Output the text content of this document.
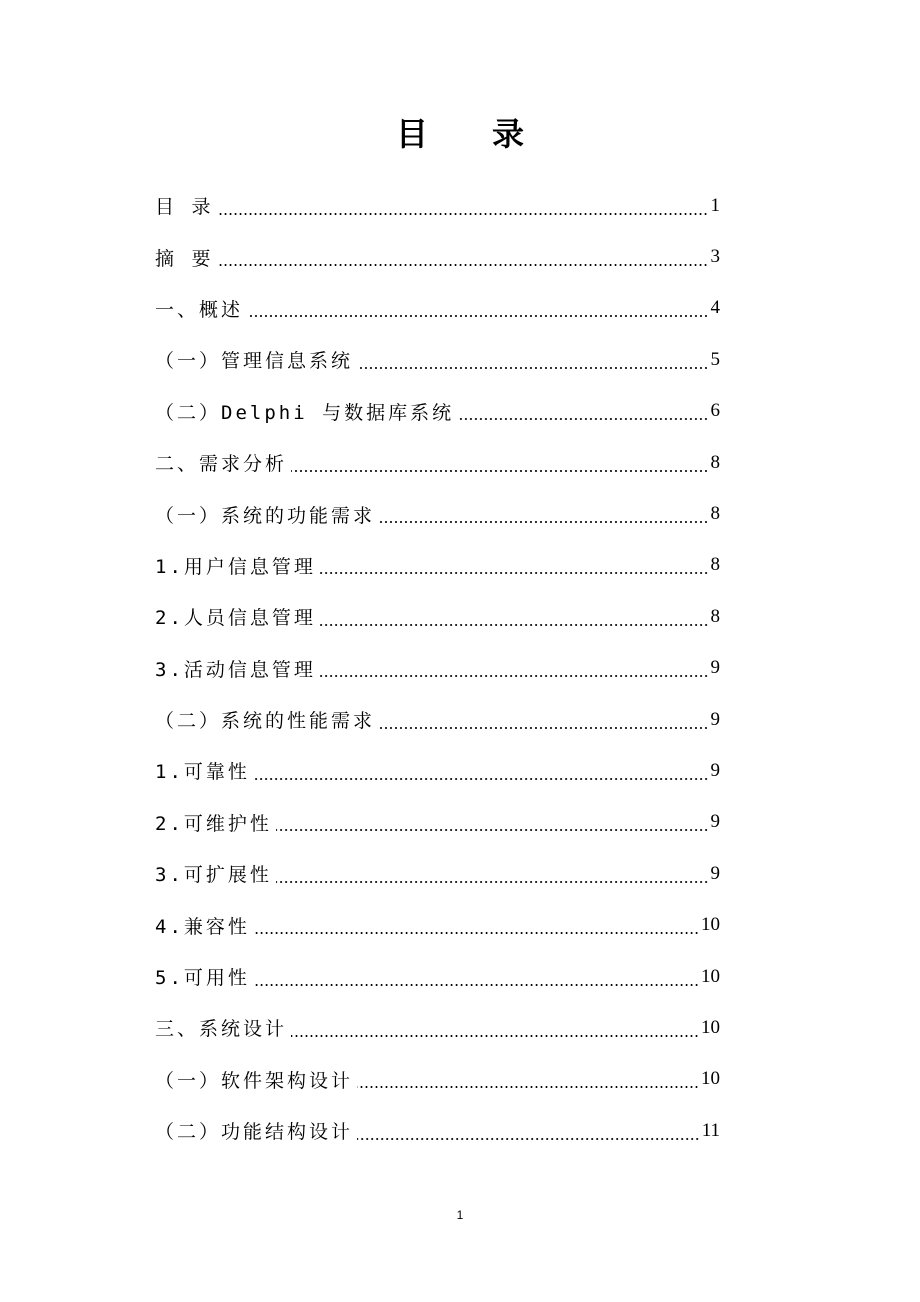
目　　录
目 录	1
摘 要	3
一、概述	4
（一）管理信息系统	5
（二）Delphi 与数据库系统	6
二、需求分析	8
（一）系统的功能需求	8
1.用户信息管理	8
2.人员信息管理	8
3.活动信息管理	9
（二）系统的性能需求	9
1.可靠性	9
2.可维护性	9
3.可扩展性	9
4.兼容性	10
5.可用性	10
三、系统设计	10
（一）软件架构设计	10
（二）功能结构设计	11
1
